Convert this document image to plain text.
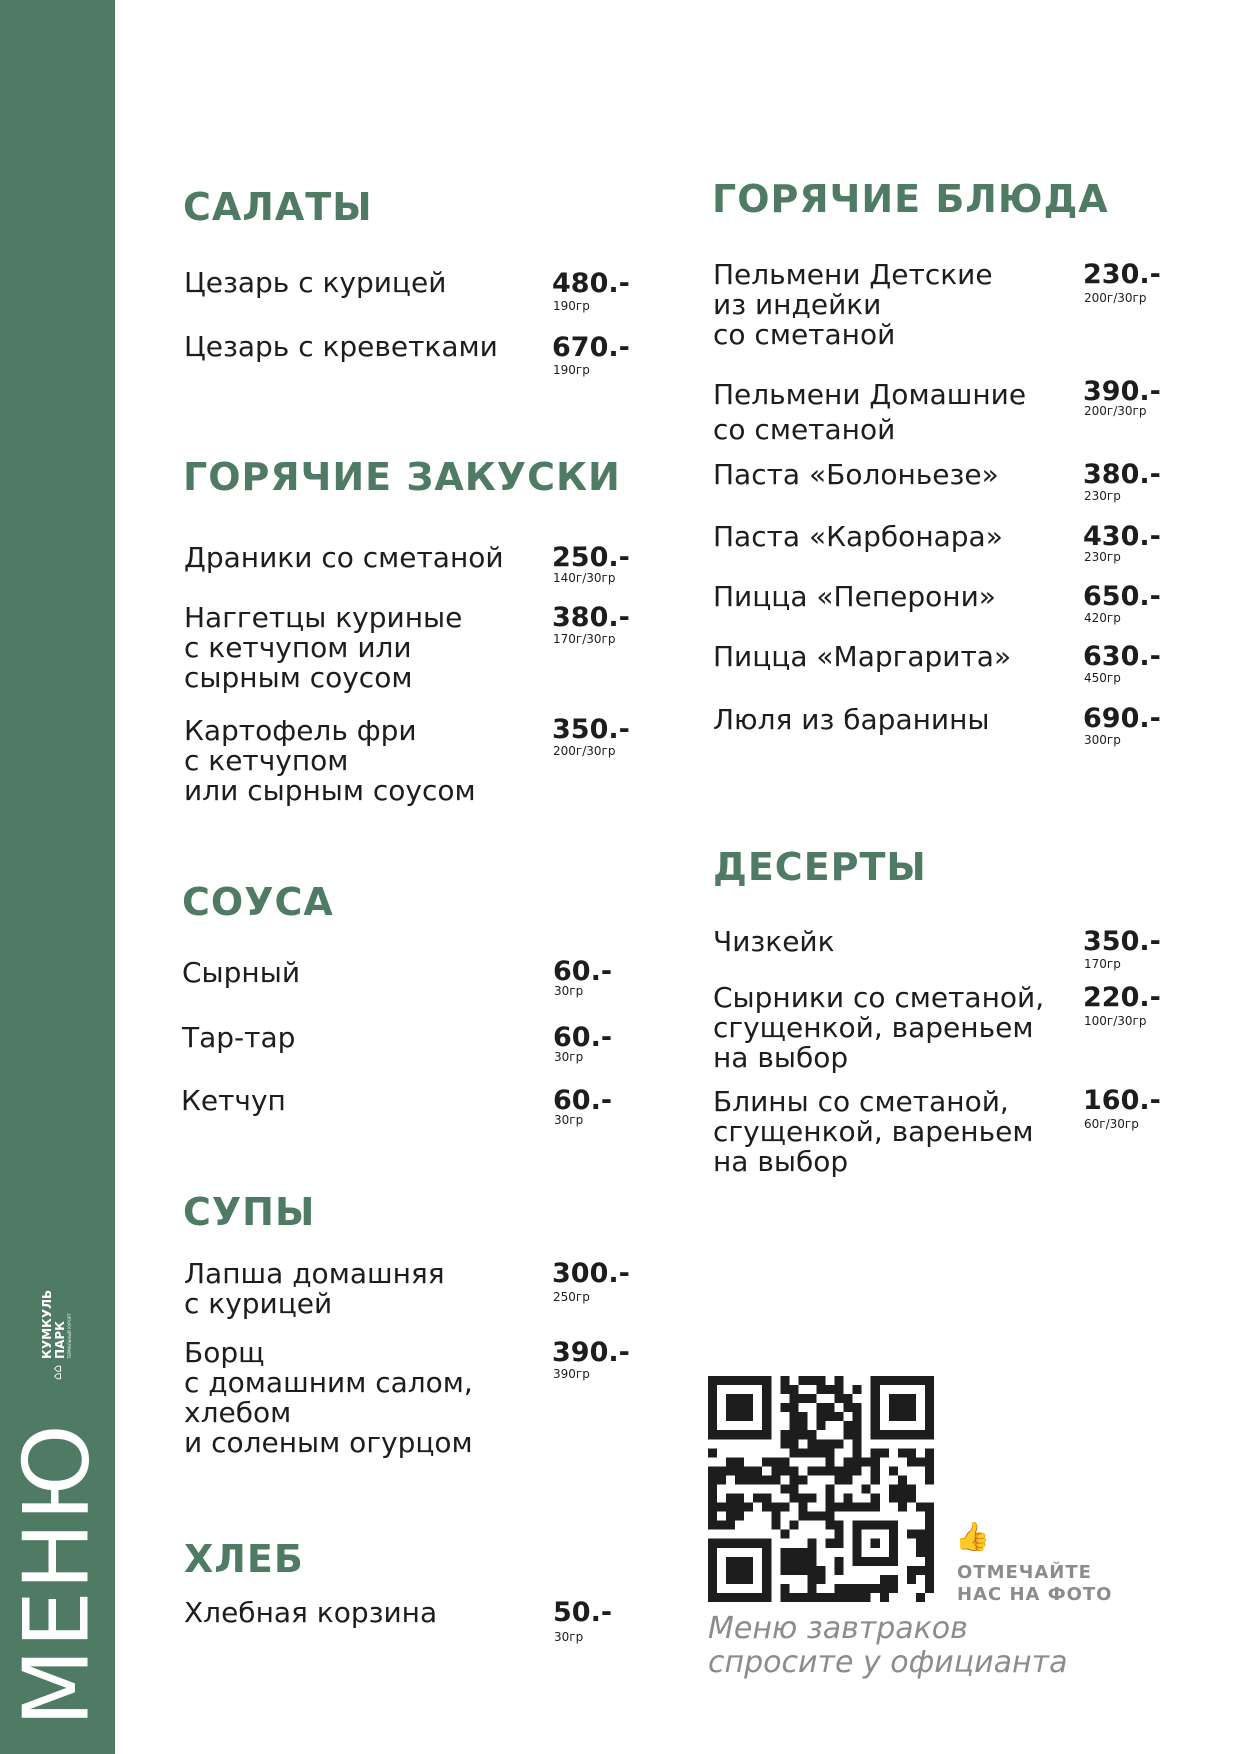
⌂⌂
КУМКУЛЬ ПАРК ТЕРМАЛЬНЫЙ КУРОРТ
МЕНЮ
САЛАТЫ
Цезарь с курицей	480.-
190гр
Цезарь с креветками 670.-
190гр
ГОРЯЧИЕ ЗАКУСКИ
Драники со сметаной 250.-
140г/30гр
Наггетцы куриные
с кетчупом или
сырным соусом
380.-
170г/30гр
Картофель фри
с кетчупом
или сырным соусом
350.-
200г/30гр
СОУСА
Сырный	60.-
30гр
Тар-тар	60.-
30гр
Кетчуп	60.-
30гр
СУПЫ
Лапша домашняя
с курицей
300.-
250гр
Борщ
с домашним салом,
хлебом
и соленым огурцом
390.-
390гр
ХЛЕБ
Хлебная корзина	50.-
30гр
ГОРЯЧИЕ БЛЮДА
Пельмени Детские
из индейки
со сметаной
230.-
200г/30гр
Пельмени Домашние
со сметаной
390.-
200г/30гр
Паста «Болоньезе»	380.-
230гр
Паста «Карбонара»	430.-
230гр
Пицца «Пеперони»	650.-
420гр
Пицца «Маргарита»	630.-
450гр
Люля из баранины	690.-
300гр
ДЕСЕРТЫ
Чизкейк	350.-
170гр
Сырники со сметаной,
сгущенкой, вареньем
на выбор
220.-
100г/30гр
Блины со сметаной,
сгущенкой, вареньем
на выбор
160.-
60г/30гр
👍
ОТМЕЧАЙТЕ
НАС НА ФОТО
Меню завтраков
спросите у официанта
